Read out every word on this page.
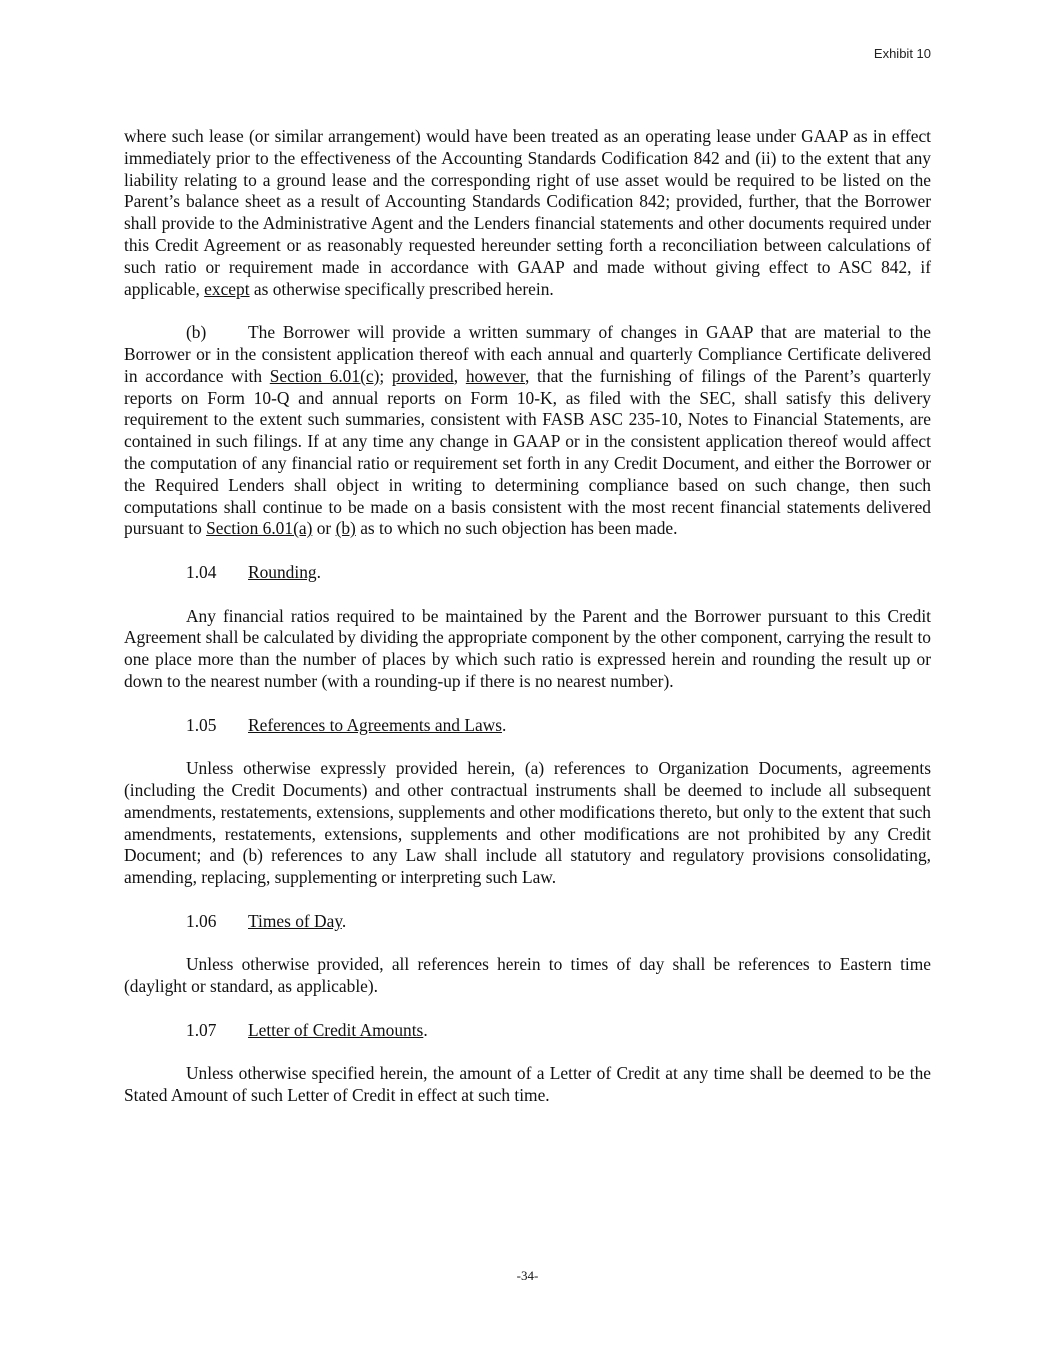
Exhibit 10

where such lease (or similar arrangement) would have been treated as an operating lease under GAAP as in effect immediately prior to the effectiveness of the Accounting Standards Codification 842 and (ii) to the extent that any liability relating to a ground lease and the corresponding right of use asset would be required to be listed on the Parent’s balance sheet as a result of Accounting Standards Codification 842; provided, further, that the Borrower shall provide to the Administrative Agent and the Lenders financial statements and other documents required under this Credit Agreement or as reasonably requested hereunder setting forth a reconciliation between calculations of such ratio or requirement made in accordance with GAAP and made without giving effect to ASC 842, if applicable, except as otherwise specifically prescribed herein.

(b) The Borrower will provide a written summary of changes in GAAP that are material to the Borrower or in the consistent application thereof with each annual and quarterly Compliance Certificate delivered in accordance with Section 6.01(c); provided, however, that the furnishing of filings of the Parent’s quarterly reports on Form 10-Q and annual reports on Form 10-K, as filed with the SEC, shall satisfy this delivery requirement to the extent such summaries, consistent with FASB ASC 235-10, Notes to Financial Statements, are contained in such filings. If at any time any change in GAAP or in the consistent application thereof would affect the computation of any financial ratio or requirement set forth in any Credit Document, and either the Borrower or the Required Lenders shall object in writing to determining compliance based on such change, then such computations shall continue to be made on a basis consistent with the most recent financial statements delivered pursuant to Section 6.01(a) or (b) as to which no such objection has been made.

1.04 Rounding.

Any financial ratios required to be maintained by the Parent and the Borrower pursuant to this Credit Agreement shall be calculated by dividing the appropriate component by the other component, carrying the result to one place more than the number of places by which such ratio is expressed herein and rounding the result up or down to the nearest number (with a rounding-up if there is no nearest number).

1.05 References to Agreements and Laws.

Unless otherwise expressly provided herein, (a) references to Organization Documents, agreements (including the Credit Documents) and other contractual instruments shall be deemed to include all subsequent amendments, restatements, extensions, supplements and other modifications thereto, but only to the extent that such amendments, restatements, extensions, supplements and other modifications are not prohibited by any Credit Document; and (b) references to any Law shall include all statutory and regulatory provisions consolidating, amending, replacing, supplementing or interpreting such Law.

1.06 Times of Day.

Unless otherwise provided, all references herein to times of day shall be references to Eastern time (daylight or standard, as applicable).

1.07 Letter of Credit Amounts.

Unless otherwise specified herein, the amount of a Letter of Credit at any time shall be deemed to be the Stated Amount of such Letter of Credit in effect at such time.

-34-
